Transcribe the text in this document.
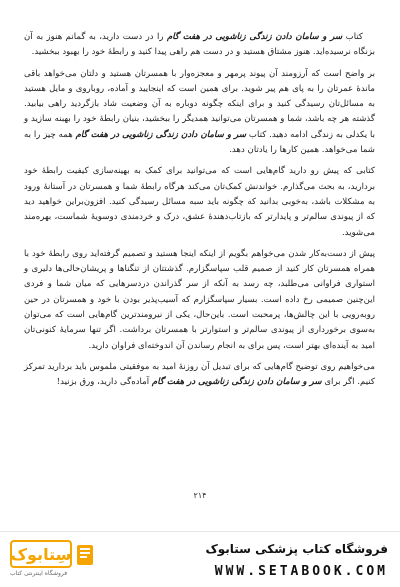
کتاب سر و سامان دادن زندگی زناشویی در هفت گام را در دست دارید، به گمانم هنوز به آن بزنگاه نرسیده‌اید. هنوز مشتاق هستید و در دست هم راهی پیدا کنید و رابطهٔ خود را بهبود ببخشید.

بر واضح است که آرزومند آن پیوند پرمهر و معجزه‌وار با همسرتان هستید و دلتان می‌خواهد باقی ماندهٔ عمرتان را به پای هم پیر شوید. برای همین است که اینجایید و آماده، روباروی و مایل هستید به مسائل‌تان رسیدگی کنید و برای اینکه چگونه دوباره به آن وضعیت شاد بازگردید راهی بیابید. گذشته هر چه باشد، شما و همسرتان می‌توانید همدیگر را ببخشید، بنیان رابطهٔ خود را بهبنه سازید و با یکدلی به زندگی ادامه دهید. کتاب سر و سامان دادن زندگی زناشویی در هفت گام همه چیز را به شما می‌خواهد. همین کارها را یادتان دهد.

کتابی که پیش رو دارید گام‌هایی است که می‌توانید برای کمک به بهینه‌سازی کیفیت رابطهٔ خود بردارید، به بحث می‌گذارم. خواندنش کمک‌تان می‌کند هرگاه رابطهٔ شما و همسرتان در آستانهٔ ورود به مشکلات باشد، به‌خوبی بدانید که چگونه باید سبه مسائل رسیدگی کنید. افزون‌براین خواهید دید که از پیوندی سالم‌تر و پایدارتر که بازتاب‌دهندهٔ عشق، درک و خردمندی دوسویهٔ شماست، بهره‌مند می‌شوید.

پیش از دست‌به‌کار شدن می‌خواهم بگویم از اینکه اینجا هستید و تصمیم گرفته‌اید روی رابطهٔ خود با همراه همسرتان کار کنید از صمیم قلب سپاسگزارم. گذشتتان از تنگناها و پریشان‌حالی‌ها دلیری و استواری فراوانی می‌طلبد، چه رسد به آنکه از سر گذراندن دردسرهایی که میان شما و فردی این‌چنین صمیمی رخ داده است. بسیار سپاسگزارم که آسیب‌پذیر بودن با خود و همسرتان در حین روبه‌رویی با این چالش‌ها، پرمحبت است. باین‌حال، یکی از نیرومندترین گام‌هایی است که می‌توان به‌سوی برخورداری از پیوندی سالم‌تر و استوارتر با همسرتان برداشت. اگر تنها سرمایهٔ کنونی‌تان امید به آینده‌ای بهتر است، پس برای به انجام رساندن آن اندوخته‌ای فراوان دارید.

می‌خواهیم روی توضیح گام‌هایی که برای تبدیل آن روزنهٔ امید به موفقیتی ملموس باید بردارید تمرکز کنیم. اگر برای سر و سامان دادن زندگی زناشویی در هفت گام آماده‌گی دارید، ورق بزنید!

۲۱۴
سِتابوک
فروشگاه اینترنتی کتاب
فروشگاه کتاب پزشکی ستابوک
WWW.SETABOOK.COM
